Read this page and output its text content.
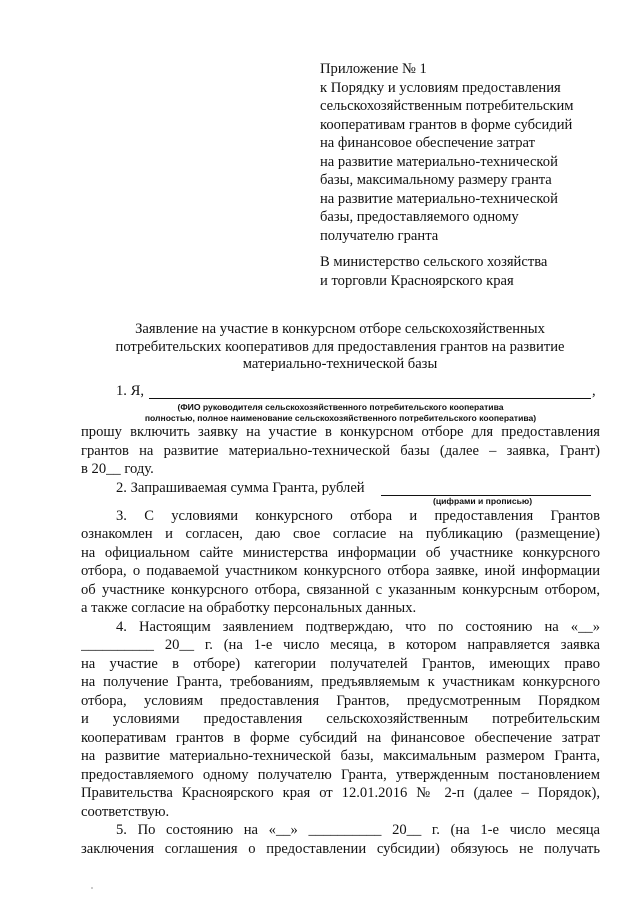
Приложение № 1
к Порядку и условиям предоставления
сельскохозяйственным потребительским
кооперативам грантов в форме субсидий
на финансовое обеспечение затрат
на развитие материально-технической
базы, максимальному размеру гранта
на развитие материально-технической
базы, предоставляемого одному
получателю гранта
В министерство сельского хозяйства
и торговли Красноярского края
Заявление на участие в конкурсном отборе сельскохозяйственных
потребительских кооперативов для предоставления грантов на развитие
материально-технической базы
1. Я,	,
(ФИО руководителя сельскохозяйственного потребительского кооператива
полностью, полное наименование сельскохозяйственного потребительского кооператива)
прошу включить заявку на участие в конкурсном отборе для предоставления
грантов на развитие материально-технической базы (далее – заявка, Грант)
в 20__ году.
2. Запрашиваемая сумма Гранта, рублей
(цифрами и прописью)
3. С условиями конкурсного отбора и предоставления Грантов
ознакомлен и согласен, даю свое согласие на публикацию (размещение)
на официальном сайте министерства информации об участнике конкурсного
отбора, о подаваемой участником конкурсного отбора заявке, иной информации
об участнике конкурсного отбора, связанной с указанным конкурсным отбором,
а также согласие на обработку персональных данных.
4. Настоящим заявлением подтверждаю, что по состоянию на «__»
__________ 20__ г. (на 1-е число месяца, в котором направляется заявка
на участие в отборе) категории получателей Грантов, имеющих право
на получение Гранта, требованиям, предъявляемым к участникам конкурсного
отбора, условиям предоставления Грантов, предусмотренным Порядком
и условиями предоставления сельскохозяйственным потребительским
кооперативам грантов в форме субсидий на финансовое обеспечение затрат
на развитие материально-технической базы, максимальным размером Гранта,
предоставляемого одному получателю Гранта, утвержденным постановлением
Правительства Красноярского края от 12.01.2016 № 2-п (далее – Порядок),
соответствую.
5. По состоянию на «__» __________ 20__ г. (на 1-е число месяца
заключения соглашения о предоставлении субсидии) обязуюсь не получать
